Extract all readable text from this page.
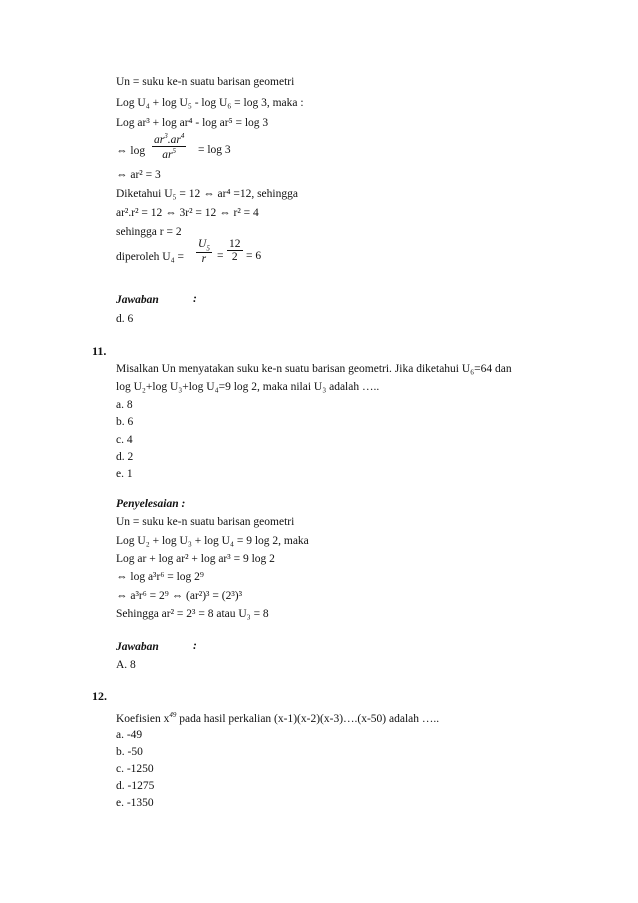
Un = suku ke-n suatu barisan geometri
Log U₄ + log U₅ - log U₆ = log 3, maka :
Log ar³ + log ar⁴ - log ar⁵ = log 3
⇔ $\log \frac{ar^3.ar^4}{ar^5} = \log 3$
⇔ ar² = 3
Diketahui U₅ = 12 ⇔ ar⁴ =12, sehingga
ar².r² = 12 ⇔ 3r² = 12 ⇔ r² = 4
sehingga r = 2
diperoleh $U_4 = \frac{U_5}{r} = \frac{12}{2} = 6$
Jawaban	:
d. 6
11.
Misalkan Un menyatakan suku ke-n suatu barisan geometri. Jika diketahui U₆=64 dan
log U₂+log U₃+log U₄=9 log 2, maka nilai U₃ adalah …..
a. 8
b. 6
c. 4
d. 2
e. 1
Penyelesaian :
Un = suku ke-n suatu barisan geometri
Log U₂ + log U₃ + log U₄ = 9 log 2, maka
Log ar + log ar² + log ar³ = 9 log 2
⇔ log a³r⁶ = log 2⁹
⇔ a³r⁶ = 2⁹ ⇔ (ar²)³ = (2³)³
Sehingga ar² = 2³ = 8 atau U₃ = 8
Jawaban	:
A. 8
12.
Koefisien $x^{49}$ pada hasil perkalian (x-1)(x-2)(x-3)….(x-50) adalah …..
a. -49
b. -50
c. -1250
d. -1275
e. -1350
